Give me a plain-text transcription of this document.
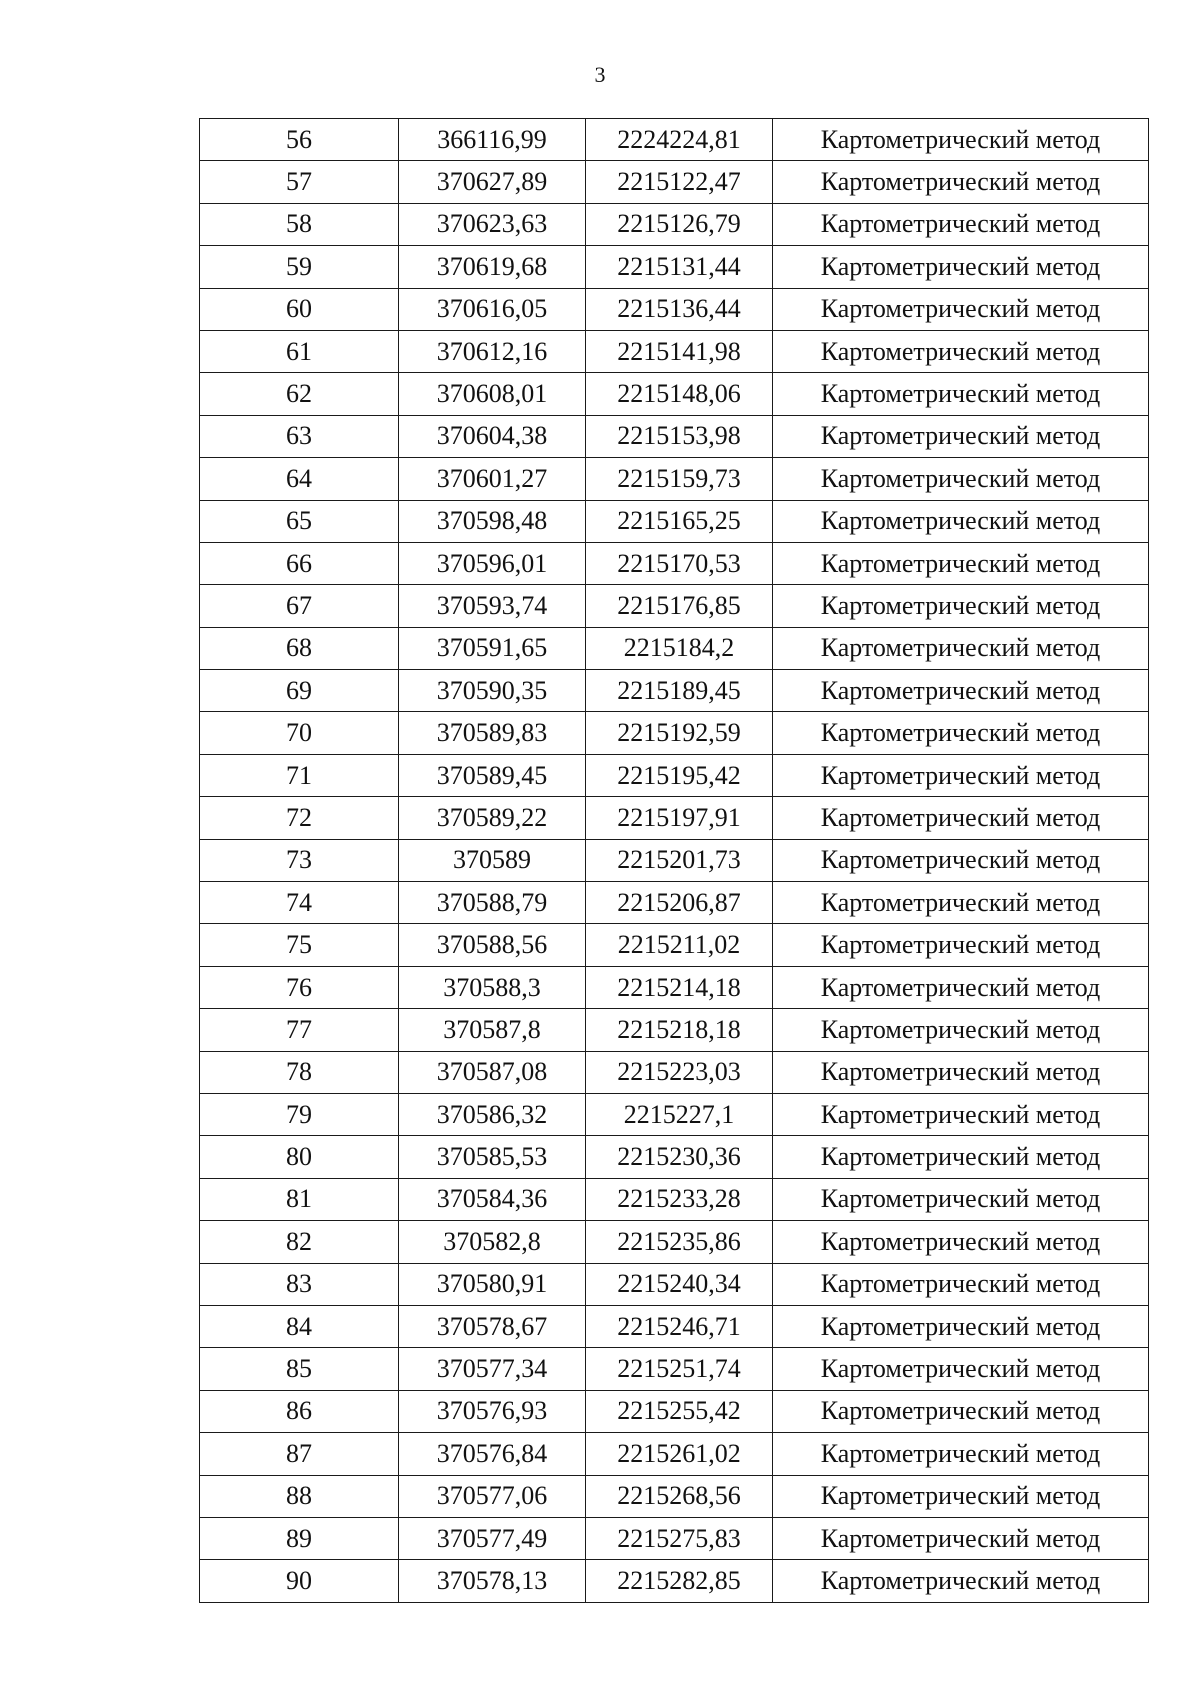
3
56	366116,99	2224224,81	Картометрический метод
57	370627,89	2215122,47	Картометрический метод
58	370623,63	2215126,79	Картометрический метод
59	370619,68	2215131,44	Картометрический метод
60	370616,05	2215136,44	Картометрический метод
61	370612,16	2215141,98	Картометрический метод
62	370608,01	2215148,06	Картометрический метод
63	370604,38	2215153,98	Картометрический метод
64	370601,27	2215159,73	Картометрический метод
65	370598,48	2215165,25	Картометрический метод
66	370596,01	2215170,53	Картометрический метод
67	370593,74	2215176,85	Картометрический метод
68	370591,65	2215184,2	Картометрический метод
69	370590,35	2215189,45	Картометрический метод
70	370589,83	2215192,59	Картометрический метод
71	370589,45	2215195,42	Картометрический метод
72	370589,22	2215197,91	Картометрический метод
73	370589	2215201,73	Картометрический метод
74	370588,79	2215206,87	Картометрический метод
75	370588,56	2215211,02	Картометрический метод
76	370588,3	2215214,18	Картометрический метод
77	370587,8	2215218,18	Картометрический метод
78	370587,08	2215223,03	Картометрический метод
79	370586,32	2215227,1	Картометрический метод
80	370585,53	2215230,36	Картометрический метод
81	370584,36	2215233,28	Картометрический метод
82	370582,8	2215235,86	Картометрический метод
83	370580,91	2215240,34	Картометрический метод
84	370578,67	2215246,71	Картометрический метод
85	370577,34	2215251,74	Картометрический метод
86	370576,93	2215255,42	Картометрический метод
87	370576,84	2215261,02	Картометрический метод
88	370577,06	2215268,56	Картометрический метод
89	370577,49	2215275,83	Картометрический метод
90	370578,13	2215282,85	Картометрический метод
